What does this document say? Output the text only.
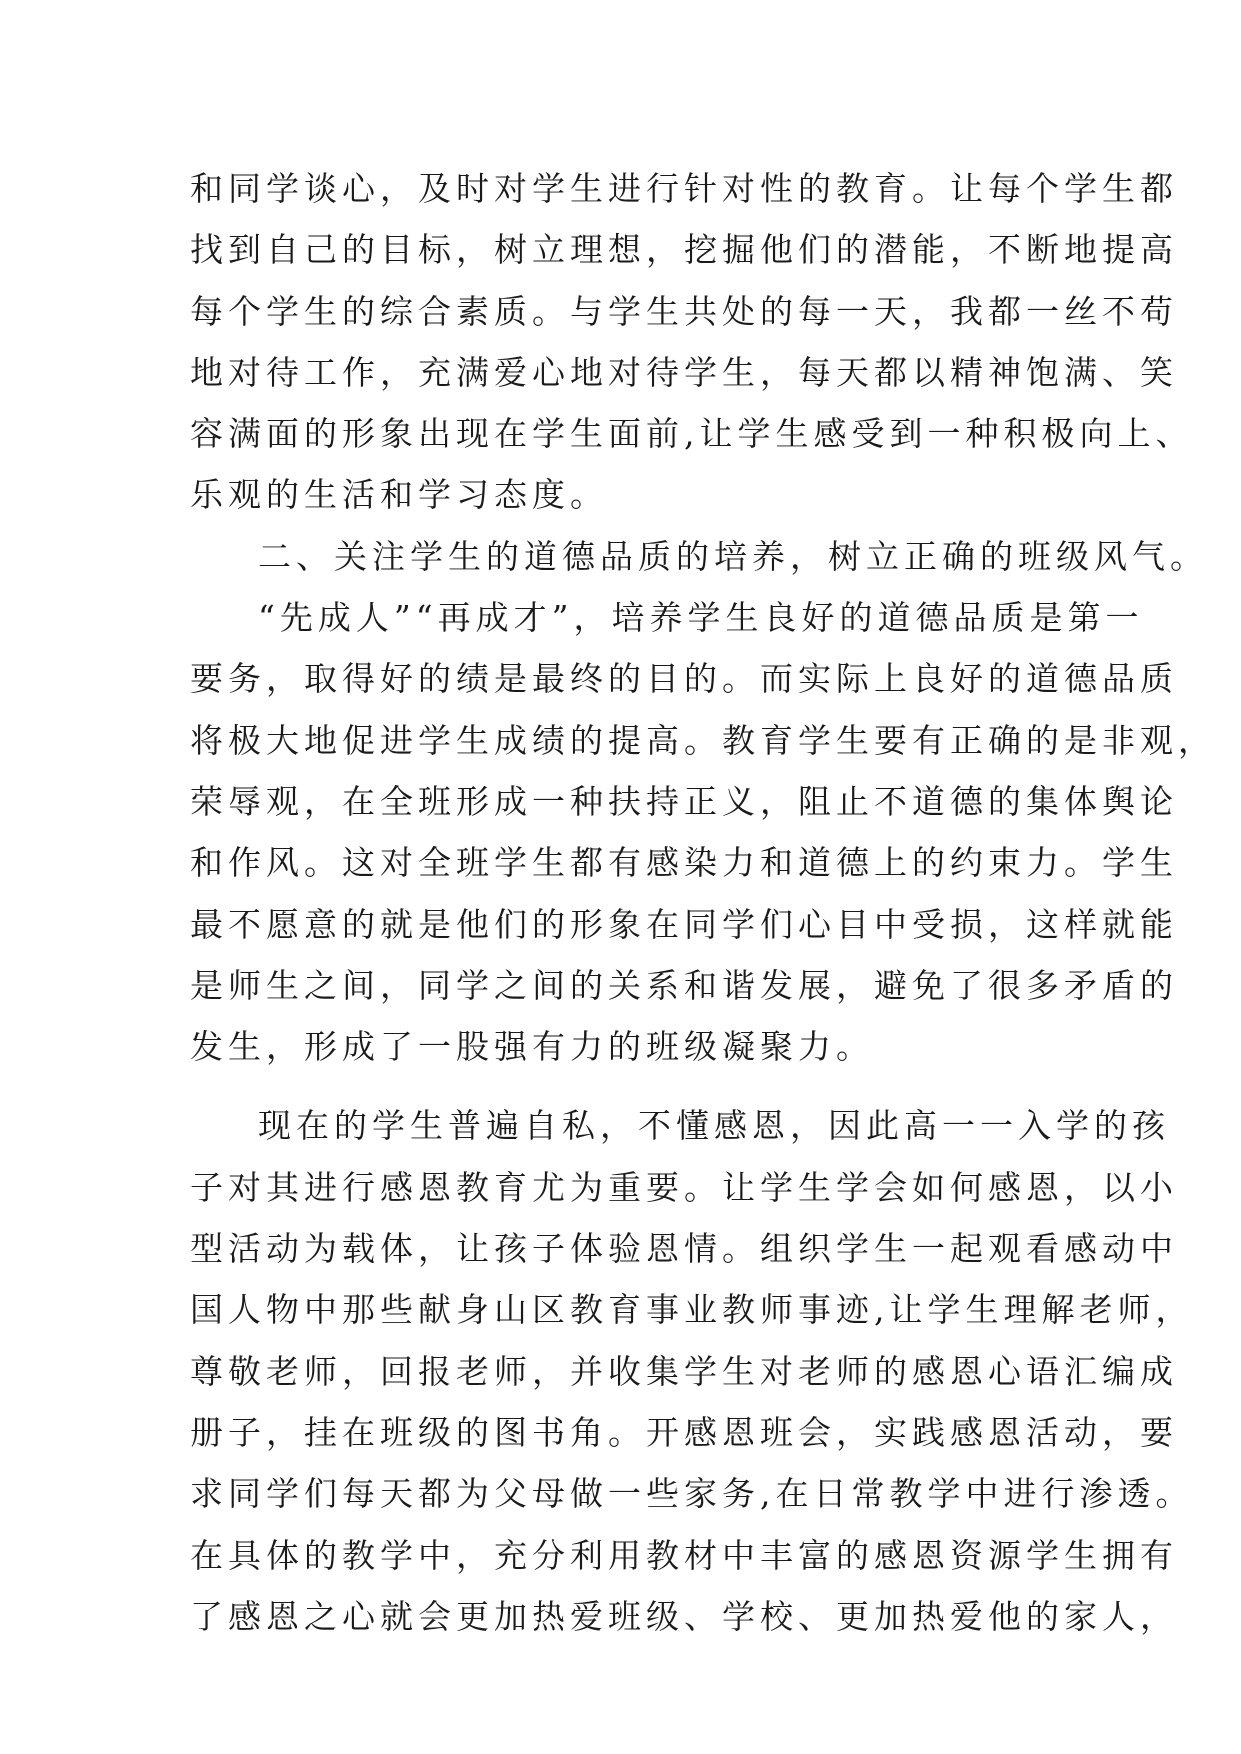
和同学谈心，及时对学生进行针对性的教育。让每个学生都
找到自己的目标，树立理想，挖掘他们的潜能，不断地提高
每个学生的综合素质。与学生共处的每一天，我都一丝不苟
地对待工作，充满爱心地对待学生，每天都以精神饱满、笑
容满面的形象出现在学生面前,让学生感受到一种积极向上、
乐观的生活和学习态度。
二、关注学生的道德品质的培养，树立正确的班级风气。
“先成人”“再成才”，培养学生良好的道德品质是第一
要务，取得好的绩是最终的目的。而实际上良好的道德品质
将极大地促进学生成绩的提高。教育学生要有正确的是非观，
荣辱观，在全班形成一种扶持正义，阻止不道德的集体舆论
和作风。这对全班学生都有感染力和道德上的约束力。学生
最不愿意的就是他们的形象在同学们心目中受损，这样就能
是师生之间，同学之间的关系和谐发展，避免了很多矛盾的
发生，形成了一股强有力的班级凝聚力。
现在的学生普遍自私，不懂感恩，因此高一一入学的孩
子对其进行感恩教育尤为重要。让学生学会如何感恩，以小
型活动为载体，让孩子体验恩情。组织学生一起观看感动中
国人物中那些献身山区教育事业教师事迹,让学生理解老师，
尊敬老师，回报老师，并收集学生对老师的感恩心语汇编成
册子，挂在班级的图书角。开感恩班会，实践感恩活动，要
求同学们每天都为父母做一些家务,在日常教学中进行渗透。
在具体的教学中，充分利用教材中丰富的感恩资源学生拥有
了感恩之心就会更加热爱班级、学校、更加热爱他的家人，
